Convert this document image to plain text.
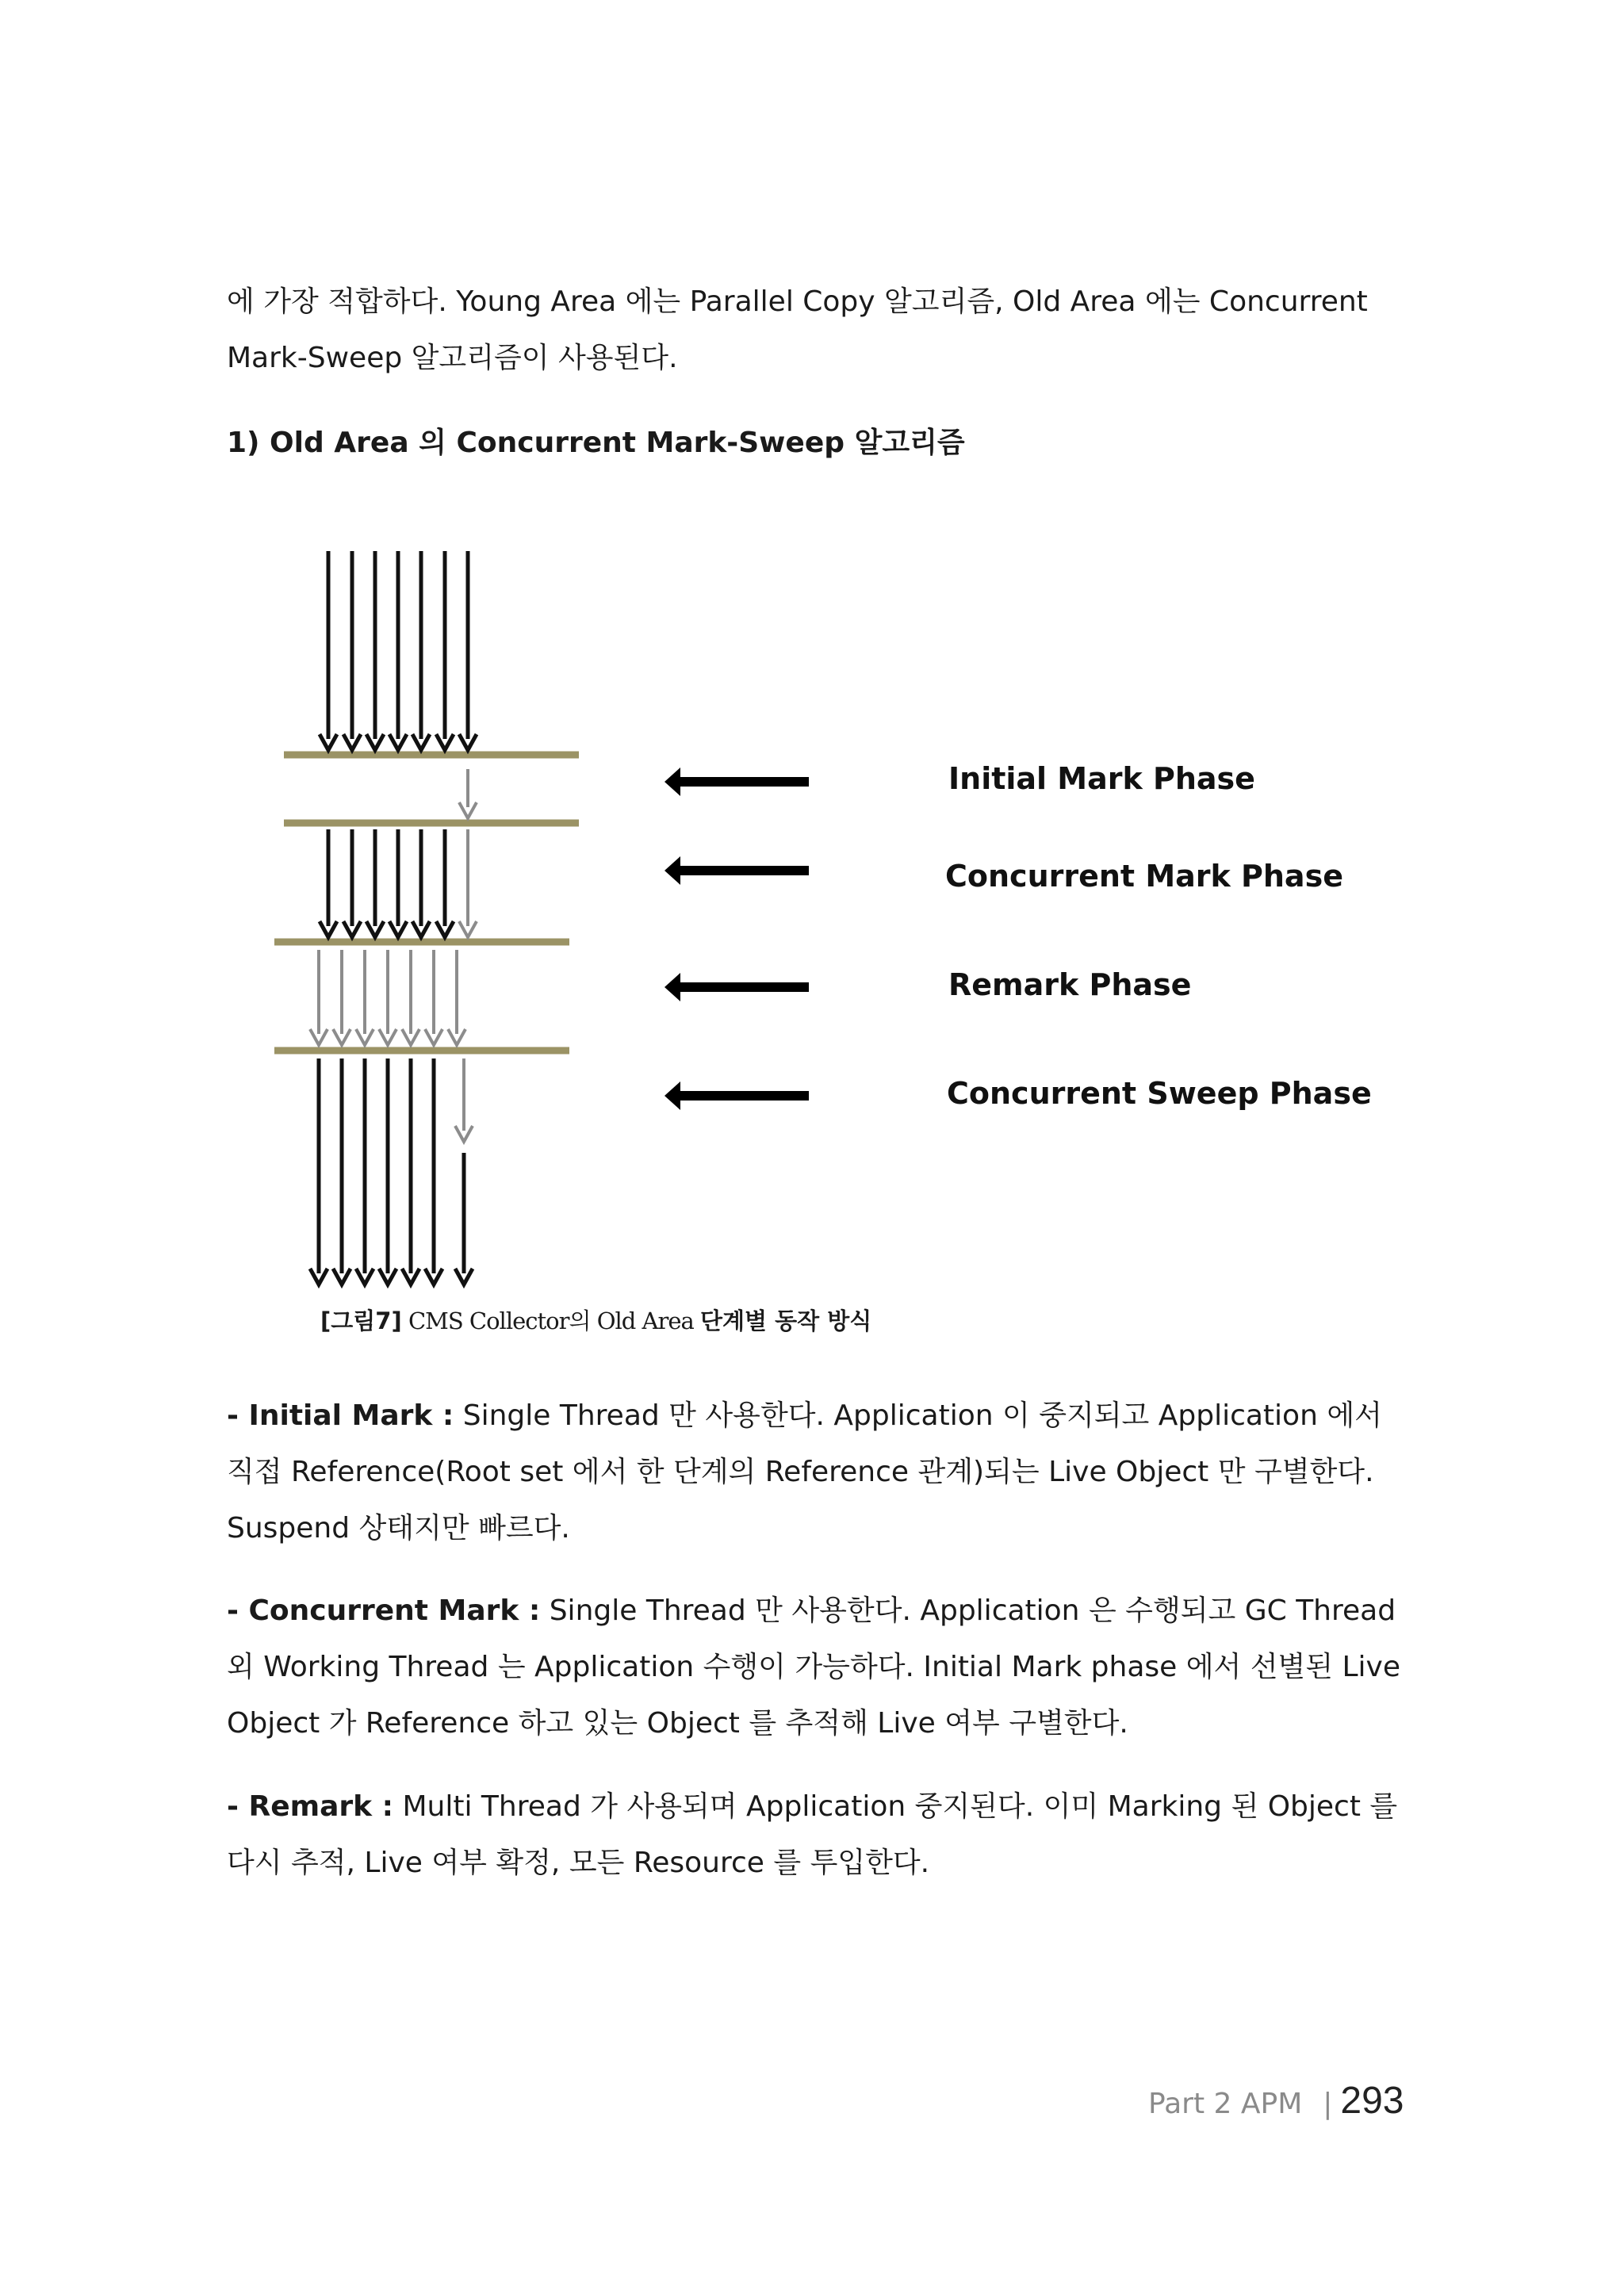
에 가장 적합하다. Young Area 에는 Parallel Copy 알고리즘, Old Area 에는 Concurrent Mark-Sweep 알고리즘이 사용된다.

1) Old Area 의 Concurrent Mark-Sweep 알고리즘

Initial Mark Phase
Concurrent Mark Phase
Remark Phase
Concurrent Sweep Phase
[그림7] CMS Collector의 Old Area 단계별 동작 방식

- Initial Mark : Single Thread 만 사용한다. Application 이 중지되고 Application 에서 직접 Reference(Root set 에서 한 단계의 Reference 관계)되는 Live Object 만 구별한다. Suspend 상태지만 빠르다.

- Concurrent Mark : Single Thread 만 사용한다. Application 은 수행되고 GC Thread 외 Working Thread 는 Application 수행이 가능하다. Initial Mark phase 에서 선별된 Live Object 가 Reference 하고 있는 Object 를 추적해 Live 여부 구별한다.

- Remark : Multi Thread 가 사용되며 Application 중지된다. 이미 Marking 된 Object 를 다시 추적, Live 여부 확정, 모든 Resource 를 투입한다.

Part 2 APM | 293
